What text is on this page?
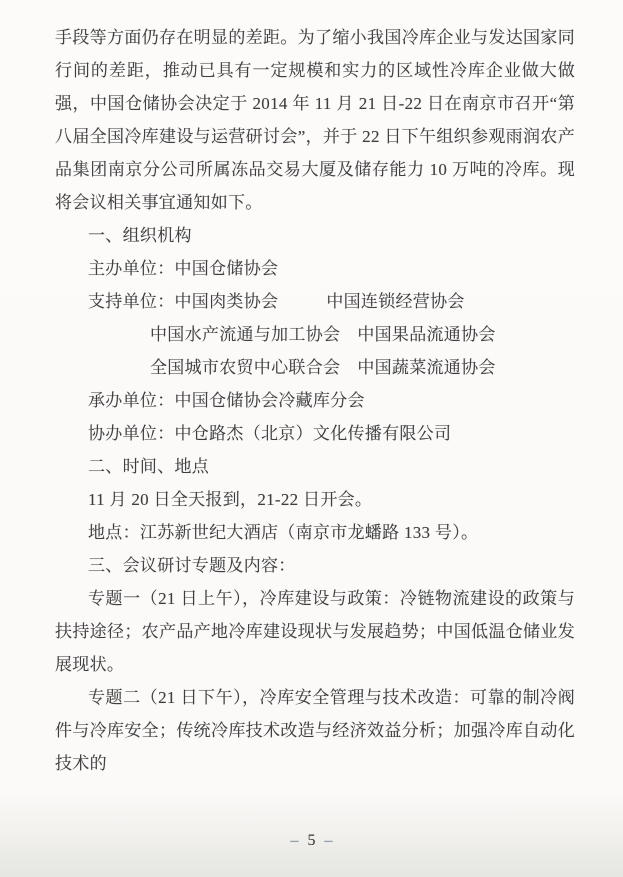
手段等方面仍存在明显的差距。为了缩小我国冷库企业与发达国家同行间的差距，推动已具有一定规模和实力的区域性冷库企业做大做强，中国仓储协会决定于 2014 年 11 月 21 日-22 日在南京市召开“第八届全国冷库建设与运营研讨会”，并于 22 日下午组织参观雨润农产品集团南京分公司所属冻品交易大厦及储存能力 10 万吨的冷库。现将会议相关事宜通知如下。

一、组织机构
主办单位：中国仓储协会
支持单位：中国肉类协会	中国连锁经营协会
中国水产流通与加工协会 中国果品流通协会
全国城市农贸中心联合会 中国蔬菜流通协会
承办单位：中国仓储协会冷藏库分会
协办单位：中仓路杰（北京）文化传播有限公司
二、时间、地点
11 月 20 日全天报到，21-22 日开会。
地点：江苏新世纪大酒店（南京市龙蟠路 133 号）。
三、会议研讨专题及内容：

专题一（21 日上午），冷库建设与政策：冷链物流建设的政策与扶持途径；农产品产地冷库建设现状与发展趋势；中国低温仓储业发展现状。

专题二（21 日下午），冷库安全管理与技术改造：可靠的制冷阀件与冷库安全；传统冷库技术改造与经济效益分析；加强冷库自动化技术的

– 5 –
